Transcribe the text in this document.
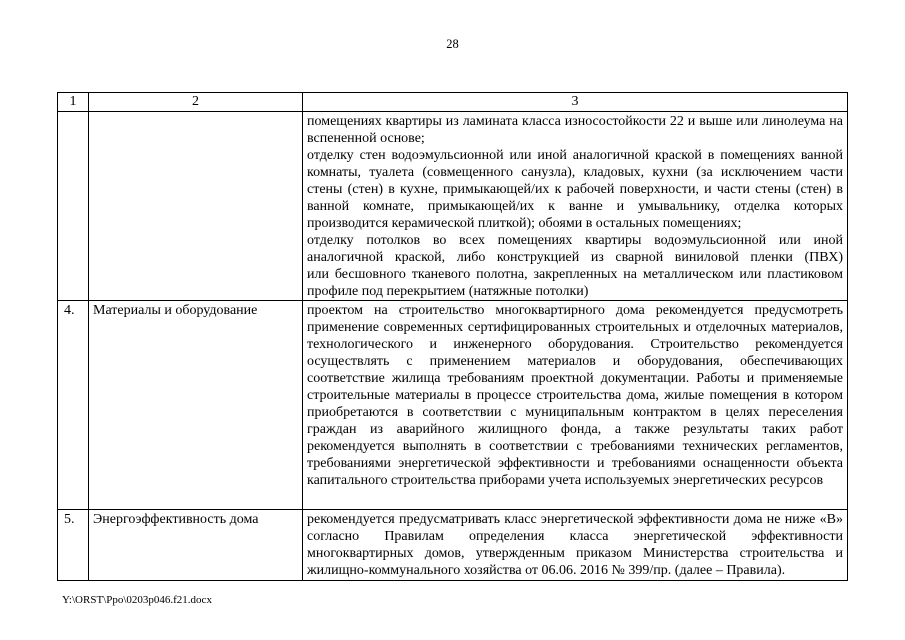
28
1	2	3

		помещениях квартиры из ламината класса износостойкости 22 и выше или линолеума на вспененной основе;

отделку стен водоэмульсионной или иной аналогичной краской в помещениях ванной комнаты, туалета (совмещенного санузла), кладовых, кухни (за исключением части стены (стен) в кухне, примыкающей/их к рабочей поверхности, и части стены (стен) в ванной комнате, примыкающей/их к ванне и умывальнику, отделка которых производится керамической плиткой); обоями в остальных помещениях;

отделку потолков во всех помещениях квартиры водоэмульсионной или иной аналогичной краской, либо конструкцией из сварной виниловой пленки (ПВХ) или бесшовного тканевого полотна, закрепленных на металлическом или пластиковом профиле под перекрытием (натяжные потолки)

4.	Материалы и оборудование	проектом на строительство многоквартирного дома рекомендуется предусмотреть применение современных сертифицированных строительных и отделочных материалов, технологического и инженерного оборудования. Строительство рекомендуется осуществлять с применением материалов и оборудования, обеспечивающих соответствие жилища требованиям проектной документации. Работы и применяемые строительные материалы в процессе строительства дома, жилые помещения в котором приобретаются в соответствии с муниципальным контрактом в целях переселения граждан из аварийного жилищного фонда, а также результаты таких работ рекомендуется выполнять в соответствии с требованиями технических регламентов, требованиями энергетической эффективности и требованиями оснащенности объекта капитального строительства приборами учета используемых энергетических ресурсов

5.	Энергоэффективность дома	рекомендуется предусматривать класс энергетической эффективности дома не ниже «В» согласно Правилам определения класса энергетической эффективности многоквартирных домов, утвержденным приказом Министерства строительства и жилищно-коммунального хозяйства от 06.06. 2016 № 399/пр. (далее – Правила).

Y:\ORST\Ppo\0203p046.f21.docx
